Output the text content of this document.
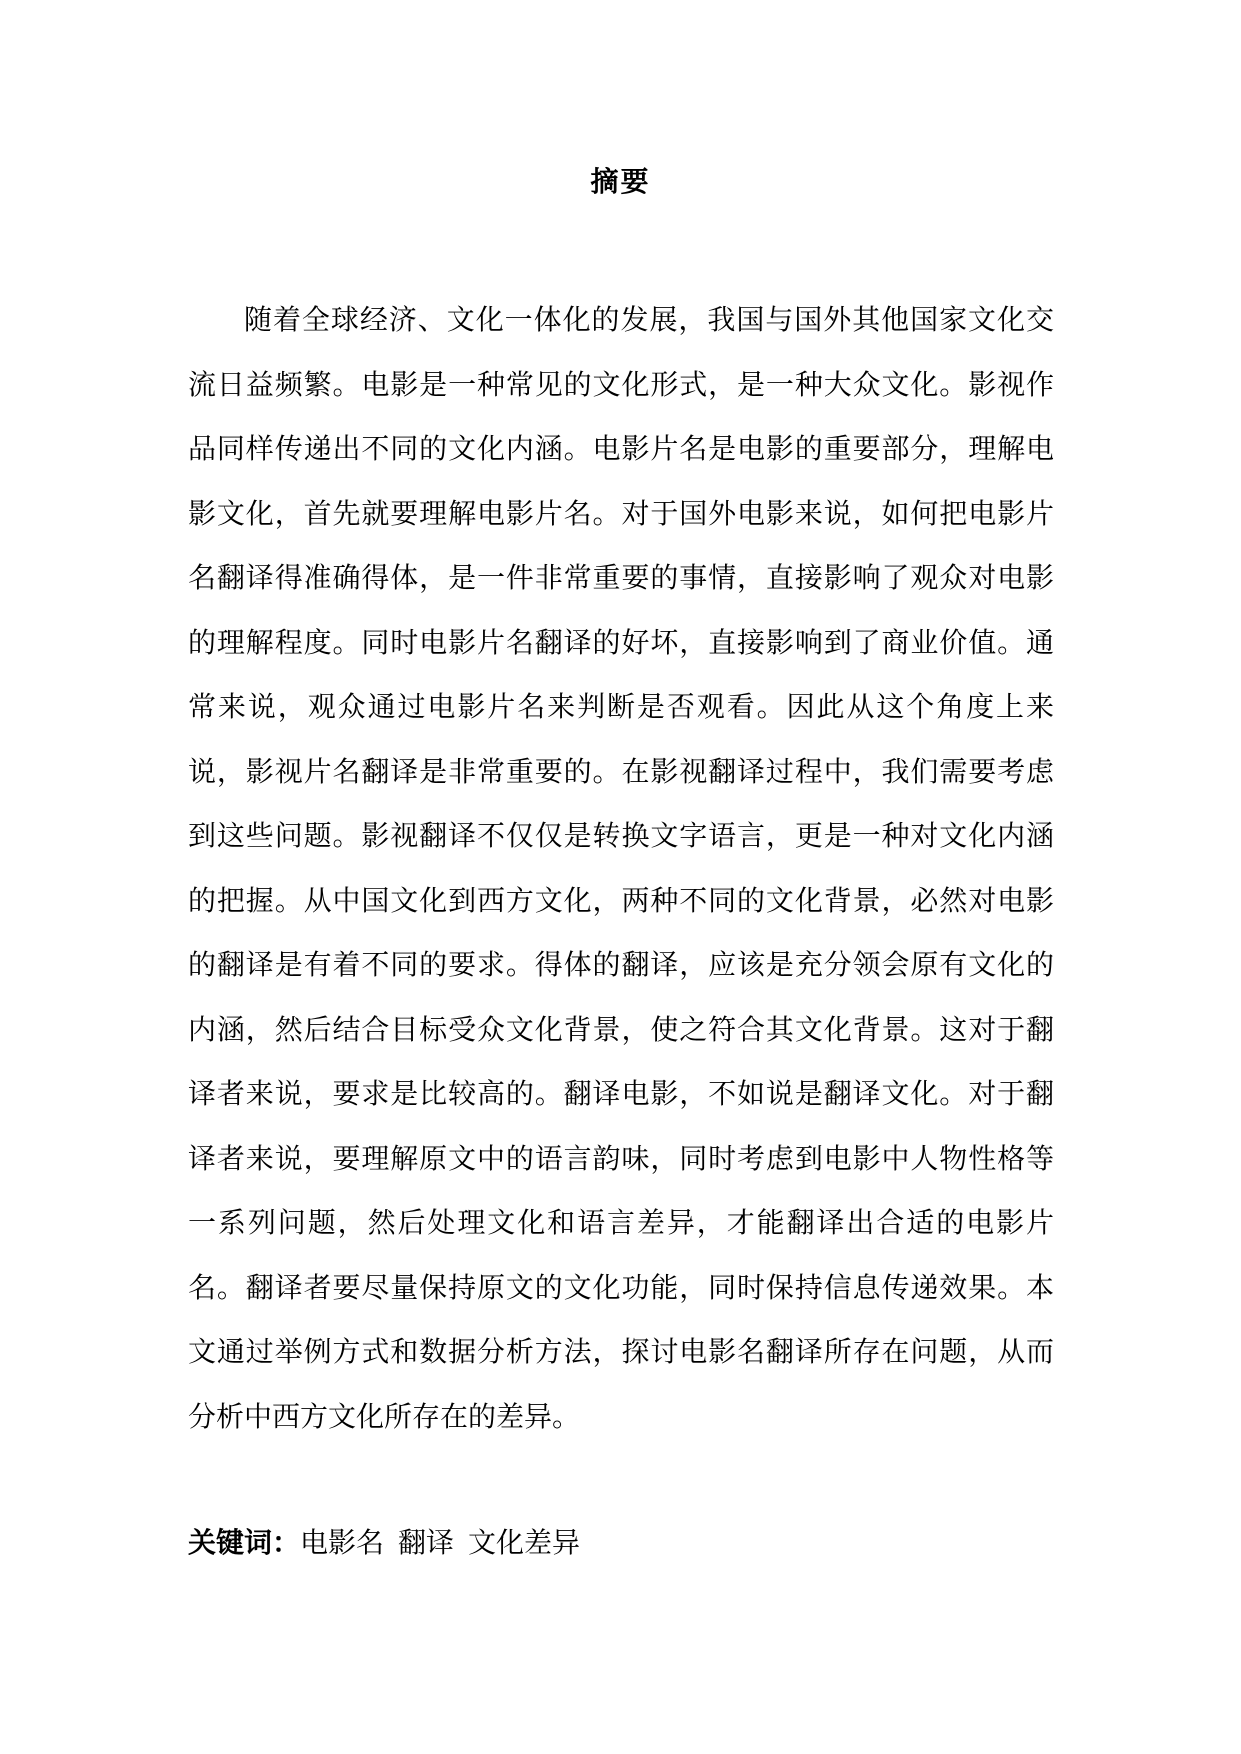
摘要

随着全球经济、文化一体化的发展，我国与国外其他国家文化交流日益频繁。电影是一种常见的文化形式，是一种大众文化。影视作品同样传递出不同的文化内涵。电影片名是电影的重要部分，理解电影文化，首先就要理解电影片名。对于国外电影来说，如何把电影片名翻译得准确得体，是一件非常重要的事情，直接影响了观众对电影的理解程度。同时电影片名翻译的好坏，直接影响到了商业价值。通常来说，观众通过电影片名来判断是否观看。因此从这个角度上来说，影视片名翻译是非常重要的。在影视翻译过程中，我们需要考虑到这些问题。影视翻译不仅仅是转换文字语言，更是一种对文化内涵的把握。从中国文化到西方文化，两种不同的文化背景，必然对电影的翻译是有着不同的要求。得体的翻译，应该是充分领会原有文化的内涵，然后结合目标受众文化背景，使之符合其文化背景。这对于翻译者来说，要求是比较高的。翻译电影，不如说是翻译文化。对于翻译者来说，要理解原文中的语言韵味，同时考虑到电影中人物性格等一系列问题，然后处理文化和语言差异，才能翻译出合适的电影片名。翻译者要尽量保持原文的文化功能，同时保持信息传递效果。本文通过举例方式和数据分析方法，探讨电影名翻译所存在问题，从而分析中西方文化所存在的差异。

关键词：电影名 翻译 文化差异
